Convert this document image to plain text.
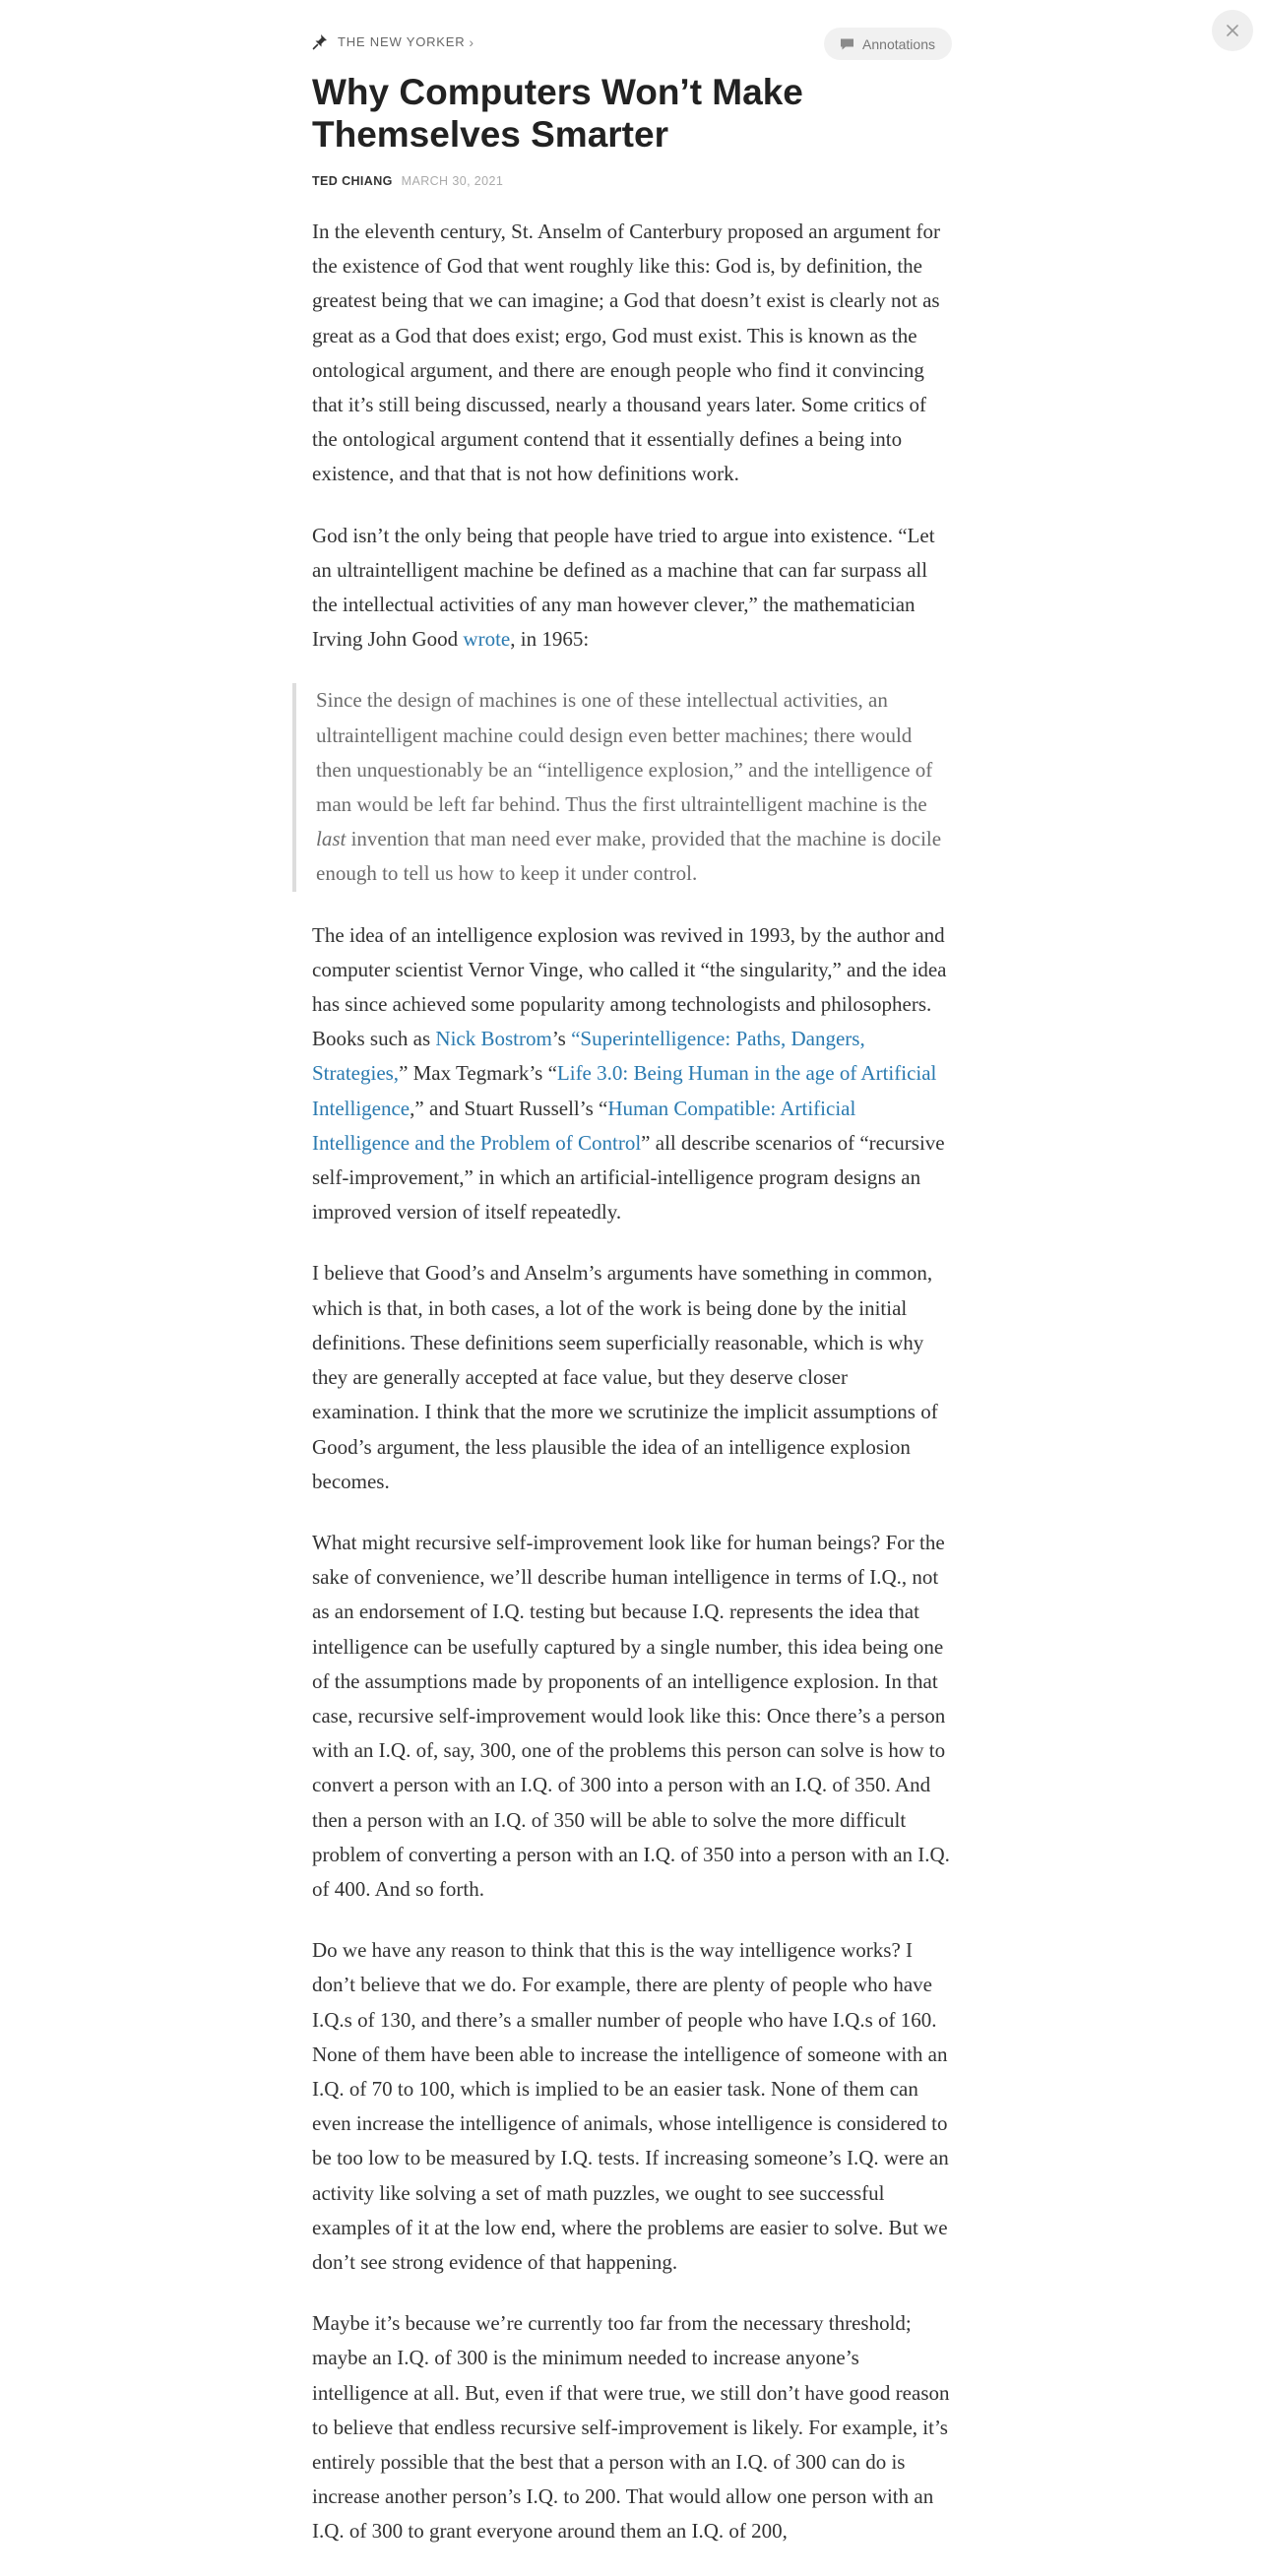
THE NEW YORKER ›	Annotations
Why Computers Won’t Make Themselves Smarter
TED CHIANG MARCH 30, 2021

In the eleventh century, St. Anselm of Canterbury proposed an argument for the existence of God that went roughly like this: God is, by definition, the greatest being that we can imagine; a God that doesn’t exist is clearly not as great as a God that does exist; ergo, God must exist. This is known as the ontological argument, and there are enough people who find it convincing that it’s still being discussed, nearly a thousand years later. Some critics of the ontological argument contend that it essentially defines a being into existence, and that that is not how definitions work.

God isn’t the only being that people have tried to argue into existence. “Let an ultraintelligent machine be defined as a machine that can far surpass all the intellectual activities of any man however clever,” the mathematician Irving John Good wrote, in 1965:

Since the design of machines is one of these intellectual activities, an ultraintelligent machine could design even better machines; there would then unquestionably be an “intelligence explosion,” and the intelligence of man would be left far behind. Thus the first ultraintelligent machine is the last invention that man need ever make, provided that the machine is docile enough to tell us how to keep it under control.

The idea of an intelligence explosion was revived in 1993, by the author and computer scientist Vernor Vinge, who called it “the singularity,” and the idea has since achieved some popularity among technologists and philosophers. Books such as Nick Bostrom’s “Superintelligence: Paths, Dangers, Strategies,” Max Tegmark’s “Life 3.0: Being Human in the age of Artificial Intelligence,” and Stuart Russell’s “Human Compatible: Artificial Intelligence and the Problem of Control” all describe scenarios of “recursive self-improvement,” in which an artificial-intelligence program designs an improved version of itself repeatedly.

I believe that Good’s and Anselm’s arguments have something in common, which is that, in both cases, a lot of the work is being done by the initial definitions. These definitions seem superficially reasonable, which is why they are generally accepted at face value, but they deserve closer examination. I think that the more we scrutinize the implicit assumptions of Good’s argument, the less plausible the idea of an intelligence explosion becomes.

What might recursive self-improvement look like for human beings? For the sake of convenience, we’ll describe human intelligence in terms of I.Q., not as an endorsement of I.Q. testing but because I.Q. represents the idea that intelligence can be usefully captured by a single number, this idea being one of the assumptions made by proponents of an intelligence explosion. In that case, recursive self-improvement would look like this: Once there’s a person with an I.Q. of, say, 300, one of the problems this person can solve is how to convert a person with an I.Q. of 300 into a person with an I.Q. of 350. And then a person with an I.Q. of 350 will be able to solve the more difficult problem of converting a person with an I.Q. of 350 into a person with an I.Q. of 400. And so forth.

Do we have any reason to think that this is the way intelligence works? I don’t believe that we do. For example, there are plenty of people who have I.Q.s of 130, and there’s a smaller number of people who have I.Q.s of 160. None of them have been able to increase the intelligence of someone with an I.Q. of 70 to 100, which is implied to be an easier task. None of them can even increase the intelligence of animals, whose intelligence is considered to be too low to be measured by I.Q. tests. If increasing someone’s I.Q. were an activity like solving a set of math puzzles, we ought to see successful examples of it at the low end, where the problems are easier to solve. But we don’t see strong evidence of that happening.

Maybe it’s because we’re currently too far from the necessary threshold; maybe an I.Q. of 300 is the minimum needed to increase anyone’s intelligence at all. But, even if that were true, we still don’t have good reason to believe that endless recursive self-improvement is likely. For example, it’s entirely possible that the best that a person with an I.Q. of 300 can do is increase another person’s I.Q. to 200. That would allow one person with an I.Q. of 300 to grant everyone around them an I.Q. of 200,
